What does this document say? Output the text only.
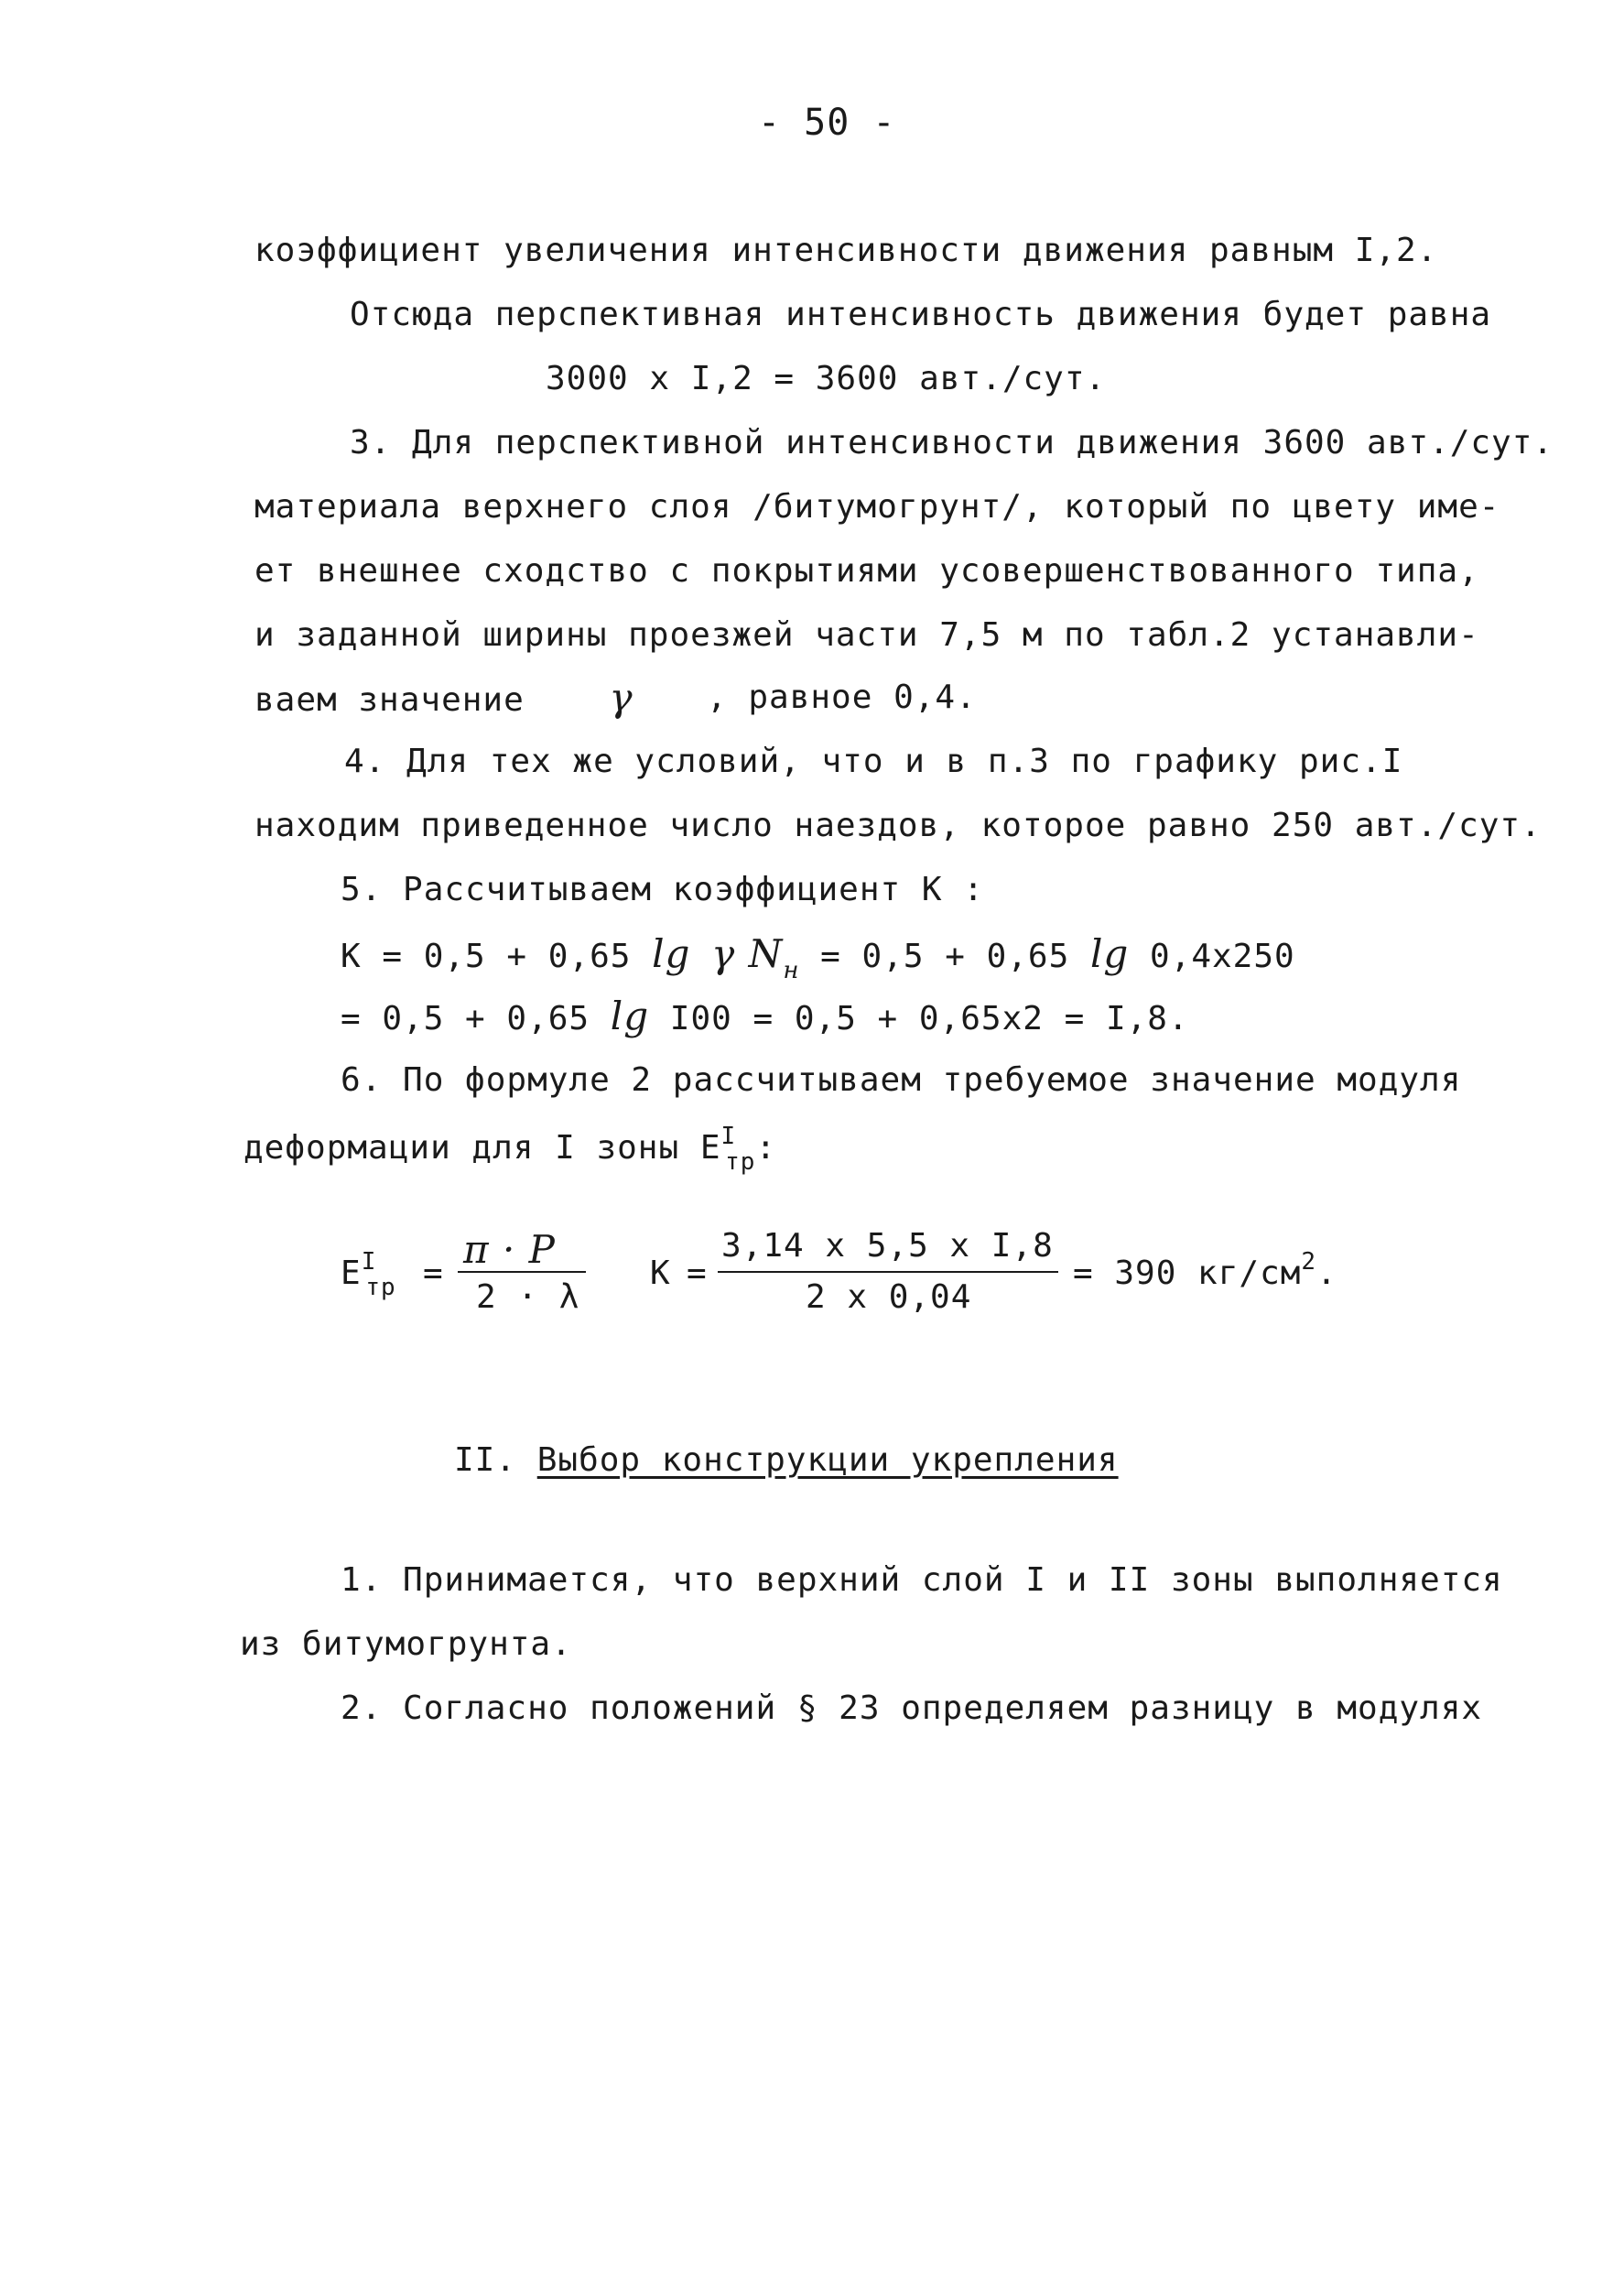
- 50 -
коэффициент увеличения интенсивности движения равным I,2.
Отсюда перспективная интенсивность движения будет равна
3000 x I,2 = 3600 авт./сут.
3. Для перспективной интенсивности движения 3600 авт./сут.
материала верхнего слоя /битумогрунт/, который по цвету име-
ет внешнее сходство с покрытиями усовершенствованного типа,
и заданной ширины проезжей части 7,5 м по табл.2 устанавли-
ваем значение γ , равное 0,4.
4. Для тех же условий, что и в п.3 по графику рис.I
находим приведенное число наездов, которое равно 250 авт./сут.
5. Рассчитываем коэффициент К :
К = 0,5 + 0,65 lg γ $N_н = 0,5 + 0,65$ lg 0,4x250
= 0,5 + 0,65 lg I00 = 0,5 + 0,65x2 = I,8.
6. По формуле 2 рассчитываем требуемое значение модуля
деформации для I зоны $E^I_{тр}$:
$E^I_{тр}$ =
π · P
2 · λ
К =
3,14 x 5,5 x I,8
2 x 0,04
= 390 $кг/см^2$.
II. Выбор конструкции укрепления
1. Принимается, что верхний слой I и II зоны выполняется
из битумогрунта.
2. Согласно положений § 23 определяем разницу в модулях
